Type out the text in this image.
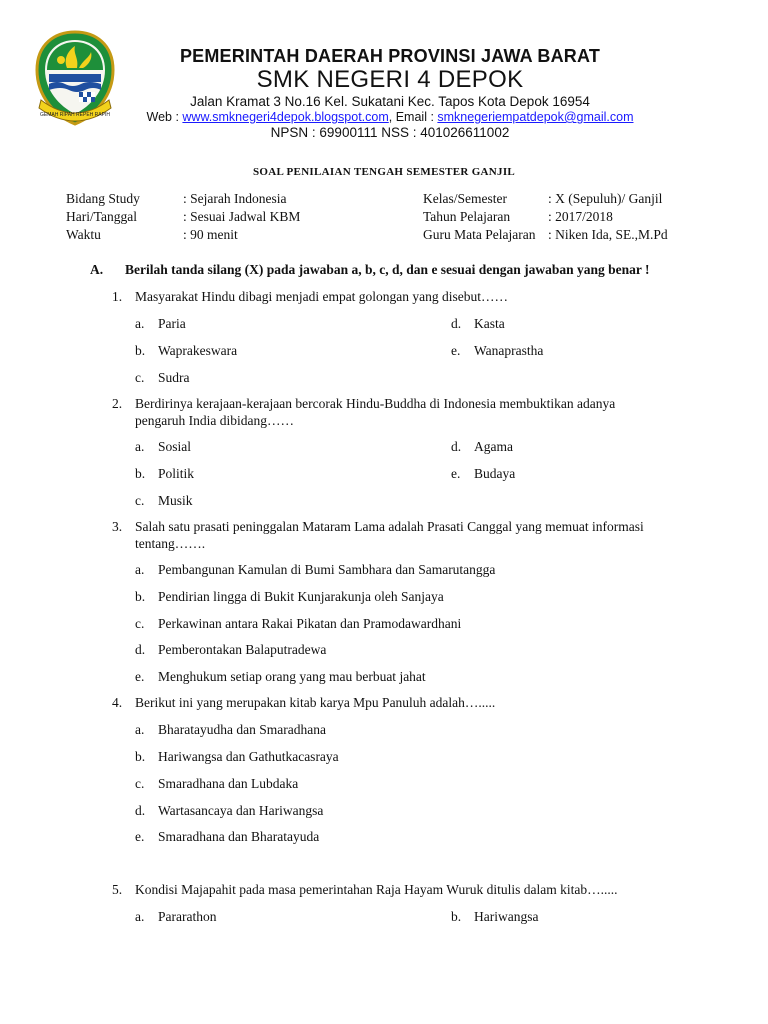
GEMAH RIPAH REPEH RAPIH
PEMERINTAH DAERAH PROVINSI JAWA BARAT
SMK NEGERI 4 DEPOK
Jalan Kramat 3 No.16 Kel. Sukatani Kec. Tapos Kota Depok 16954
Web : www.smknegeri4depok.blogspot.com, Email : smknegeriempatdepok@gmail.com
NPSN : 69900111 NSS : 401026611002
SOAL PENILAIAN TENGAH SEMESTER GANJIL
Bidang Study
Hari/Tanggal
Waktu
: Sejarah Indonesia
: Sesuai Jadwal KBM
: 90 menit
Kelas/Semester
Tahun Pelajaran
Guru Mata Pelajaran
: X (Sepuluh)/ Ganjil
: 2017/2018
: Niken Ida, SE.,M.Pd
A. Berilah tanda silang (X) pada jawaban a, b, c, d, dan e sesuai dengan jawaban yang benar !
1. Masyarakat Hindu dibagi menjadi empat golongan yang disebut……
a. Paria
b. Waprakeswara
c. Sudra
d. Kasta
e. Wanaprastha
2. Berdirinya kerajaan-kerajaan bercorak Hindu-Buddha di Indonesia membuktikan adanya
pengaruh India dibidang……
a. Sosial
b. Politik
c. Musik
d. Agama
e. Budaya
3. Salah satu prasati peninggalan Mataram Lama adalah Prasati Canggal yang memuat informasi
tentang…….
a. Pembangunan Kamulan di Bumi Sambhara dan Samarutangga
b. Pendirian lingga di Bukit Kunjarakunja oleh Sanjaya
c. Perkawinan antara Rakai Pikatan dan Pramodawardhani
d. Pemberontakan Balaputradewa
e. Menghukum setiap orang yang mau berbuat jahat
4. Berikut ini yang merupakan kitab karya Mpu Panuluh adalah….....
a. Bharatayudha dan Smaradhana
b. Hariwangsa dan Gathutkacasraya
c. Smaradhana dan Lubdaka
d. Wartasancaya dan Hariwangsa
e. Smaradhana dan Bharatayuda
5. Kondisi Majapahit pada masa pemerintahan Raja Hayam Wuruk ditulis dalam kitab….....
a. Pararathon	b. Hariwangsa
